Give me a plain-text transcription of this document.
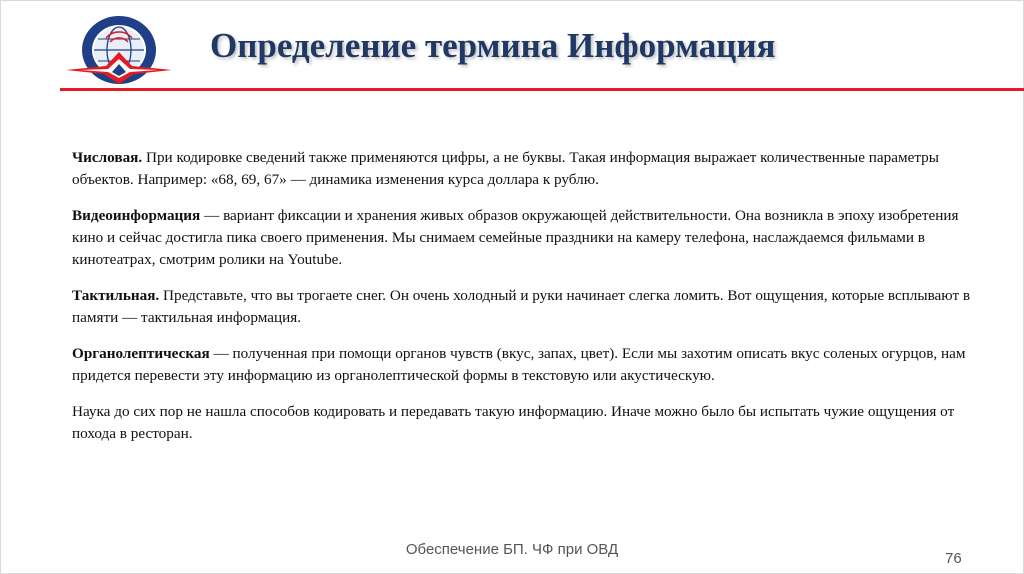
ГОСКОРПОРАЦИЯ по ОрВД
Определение термина Информация

Числовая. При кодировке сведений также применяются цифры, а не буквы. Такая информация выражает количественные параметры объектов. Например: «68, 69, 67» — динамика изменения курса доллара к рублю.

Видеоинформация — вариант фиксации и хранения живых образов окружающей действительности. Она возникла в эпоху изобретения кино и сейчас достигла пика своего применения. Мы снимаем семейные праздники на камеру телефона, наслаждаемся фильмами в кинотеатрах, смотрим ролики на Youtube.

Тактильная. Представьте, что вы трогаете снег. Он очень холодный и руки начинает слегка ломить. Вот ощущения, которые всплывают в памяти — тактильная информация.

Органолептическая — полученная при помощи органов чувств (вкус, запах, цвет). Если мы захотим описать вкус соленых огурцов, нам придется перевести эту информацию из органолептической формы в текстовую или акустическую.

Наука до сих пор не нашла способов кодировать и передавать такую информацию. Иначе можно было бы испытать чужие ощущения от похода в ресторан.

Обеспечение БП. ЧФ при ОВД
76
